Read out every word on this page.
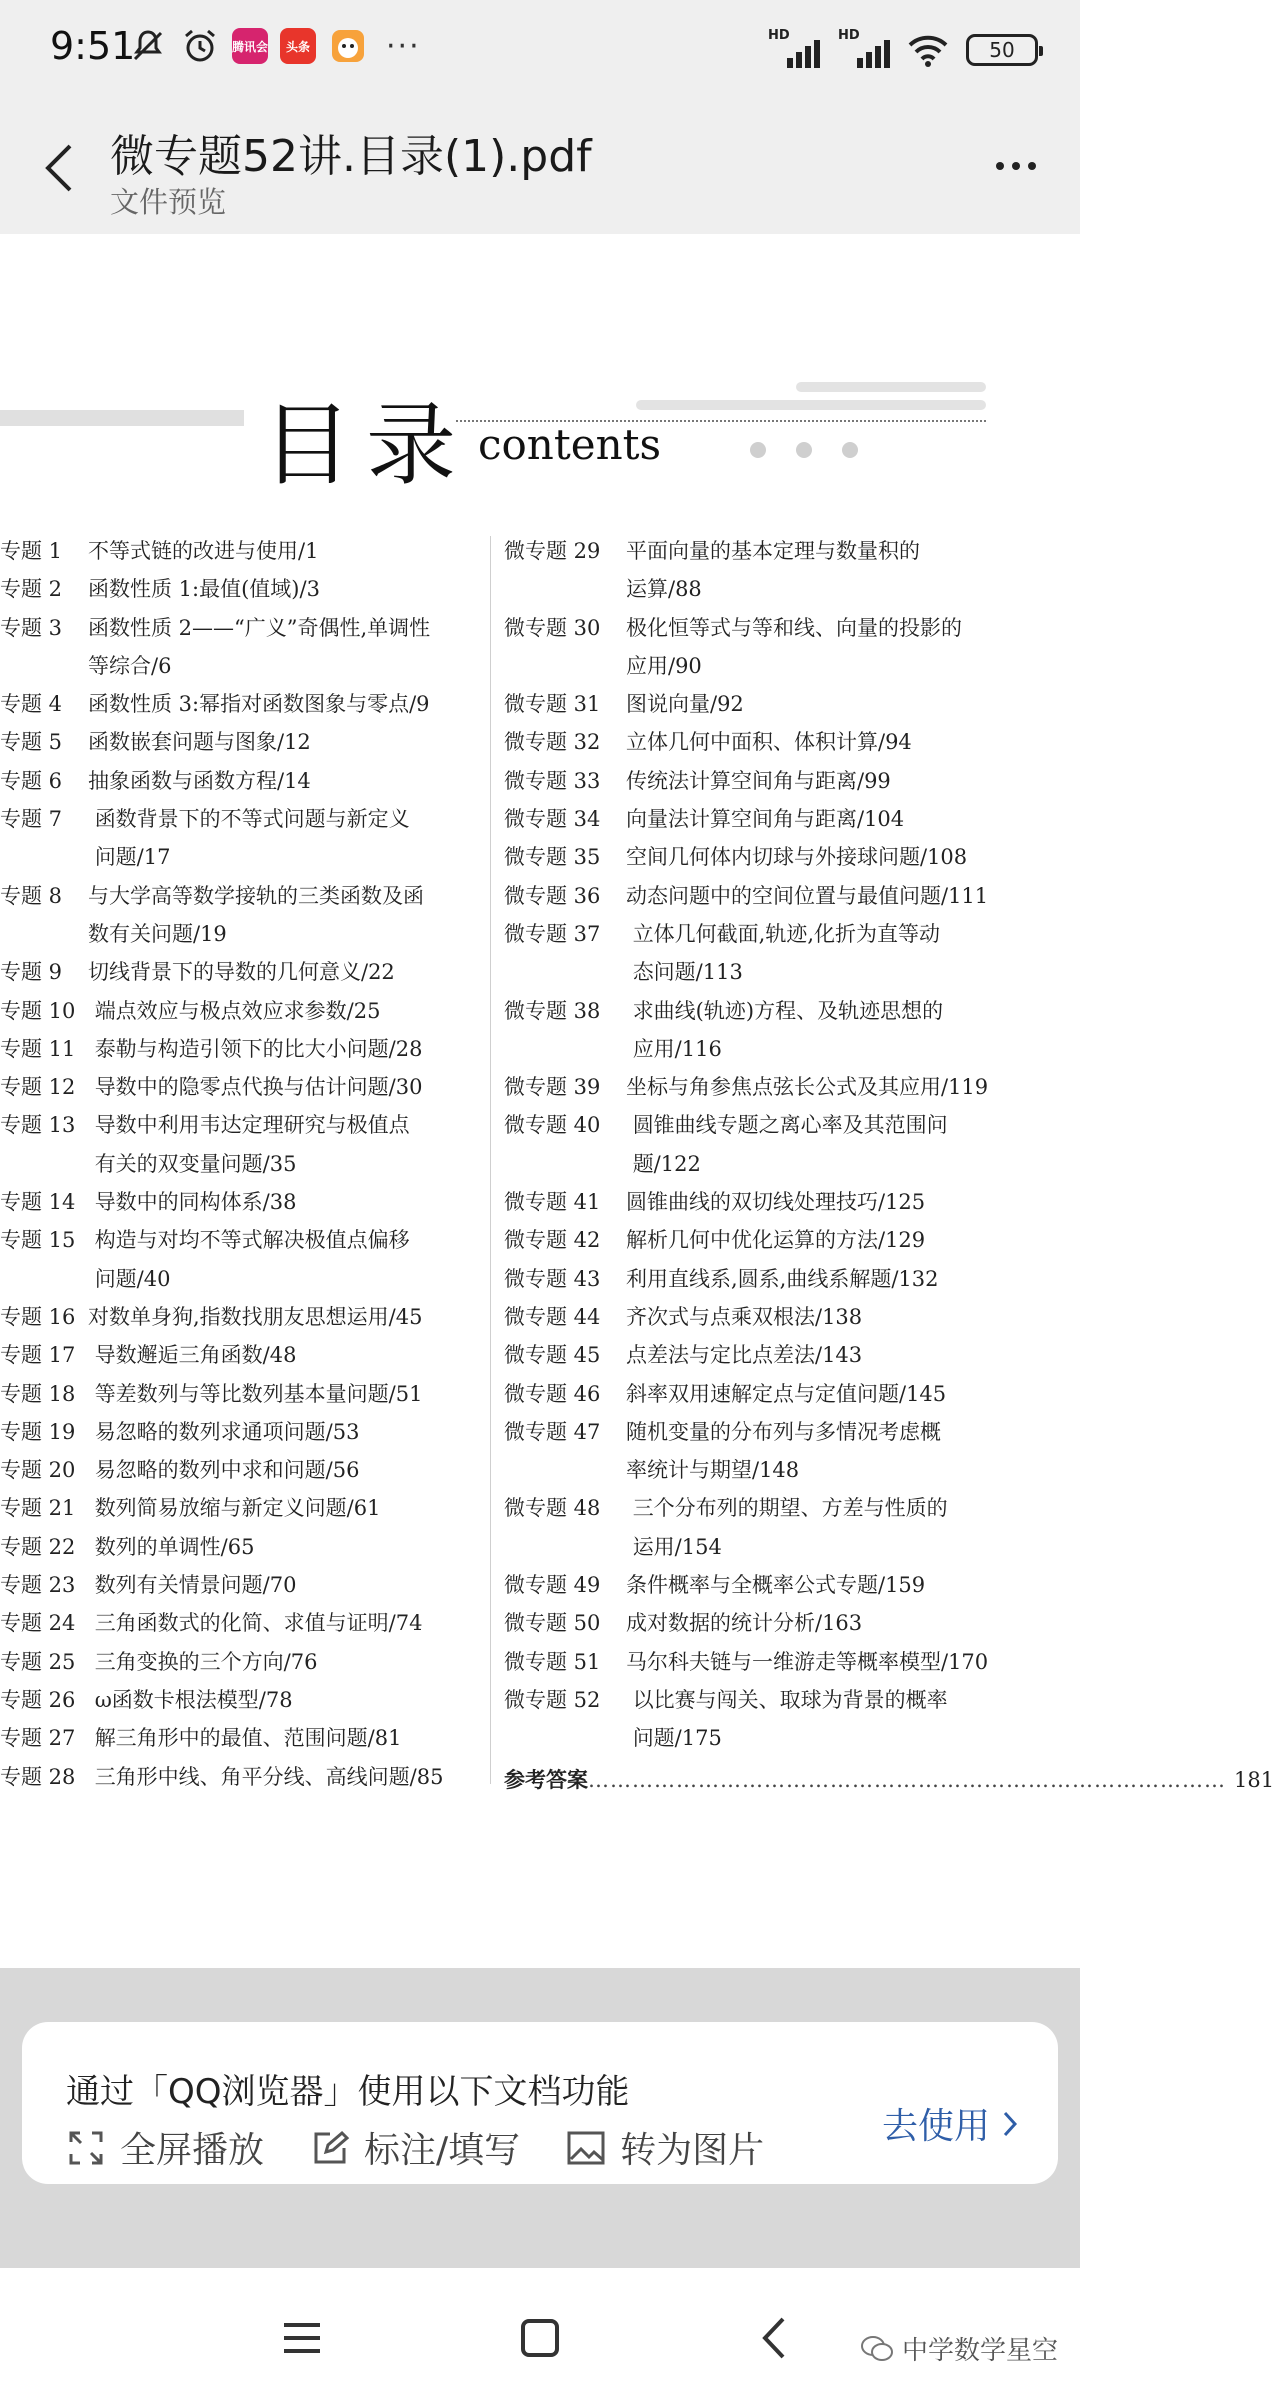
9:51	腾讯会	头条	···	HD	HD
50
微专题52讲.目录(1).pdf
文件预览
目录 contents
专题 1	不等式链的改进与使用/1
专题 2	函数性质 1:最值(值域)/3
专题 3	函数性质 2——“广义”奇偶性,单调性
等综合/6
专题 4	函数性质 3:幂指对函数图象与零点/9
专题 5	函数嵌套问题与图象/12
专题 6	抽象函数与函数方程/14
专题 7	函数背景下的不等式问题与新定义
问题/17
专题 8	与大学高等数学接轨的三类函数及函
数有关问题/19
专题 9	切线背景下的导数的几何意义/22
专题 10 端点效应与极点效应求参数/25
专题 11 泰勒与构造引领下的比大小问题/28
专题 12 导数中的隐零点代换与估计问题/30
专题 13 导数中利用韦达定理研究与极值点
有关的双变量问题/35
专题 14 导数中的同构体系/38
专题 15 构造与对均不等式解决极值点偏移
问题/40
专题 16 对数单身狗,指数找朋友思想运用/45
专题 17 导数邂逅三角函数/48
专题 18 等差数列与等比数列基本量问题/51
专题 19 易忽略的数列求通项问题/53
专题 20 易忽略的数列中求和问题/56
专题 21 数列简易放缩与新定义问题/61
专题 22 数列的单调性/65
专题 23 数列有关情景问题/70
专题 24 三角函数式的化简、求值与证明/74
专题 25 三角变换的三个方向/76
专题 26 ω函数卡根法模型/78
专题 27 解三角形中的最值、范围问题/81
专题 28 三角形中线、角平分线、高线问题/85
微专题 29	平面向量的基本定理与数量积的
运算/88
微专题 30	极化恒等式与等和线、向量的投影的
应用/90
微专题 31	图说向量/92
微专题 32	立体几何中面积、体积计算/94
微专题 33	传统法计算空间角与距离/99
微专题 34	向量法计算空间角与距离/104
微专题 35	空间几何体内切球与外接球问题/108
微专题 36	动态问题中的空间位置与最值问题/111
微专题 37	立体几何截面,轨迹,化折为直等动
态问题/113
微专题 38	求曲线(轨迹)方程、及轨迹思想的
应用/116
微专题 39	坐标与角参焦点弦长公式及其应用/119
微专题 40	圆锥曲线专题之离心率及其范围问
题/122
微专题 41	圆锥曲线的双切线处理技巧/125
微专题 42	解析几何中优化运算的方法/129
微专题 43	利用直线系,圆系,曲线系解题/132
微专题 44	齐次式与点乘双根法/138
微专题 45	点差法与定比点差法/143
微专题 46	斜率双用速解定点与定值问题/145
微专题 47	随机变量的分布列与多情况考虑概
率统计与期望/148
微专题 48	三个分布列的期望、方差与性质的
运用/154
微专题 49	条件概率与全概率公式专题/159
微专题 50	成对数据的统计分析/163
微专题 51	马尔科夫链与一维游走等概率模型/170
微专题 52	以比赛与闯关、取球为背景的概率
问题/175
参考答案 …………………………………………………………………………… 181
通过「QQ浏览器」使用以下文档功能
全屏播放	标注/填写	转为图片
去使用
中学数学星空
